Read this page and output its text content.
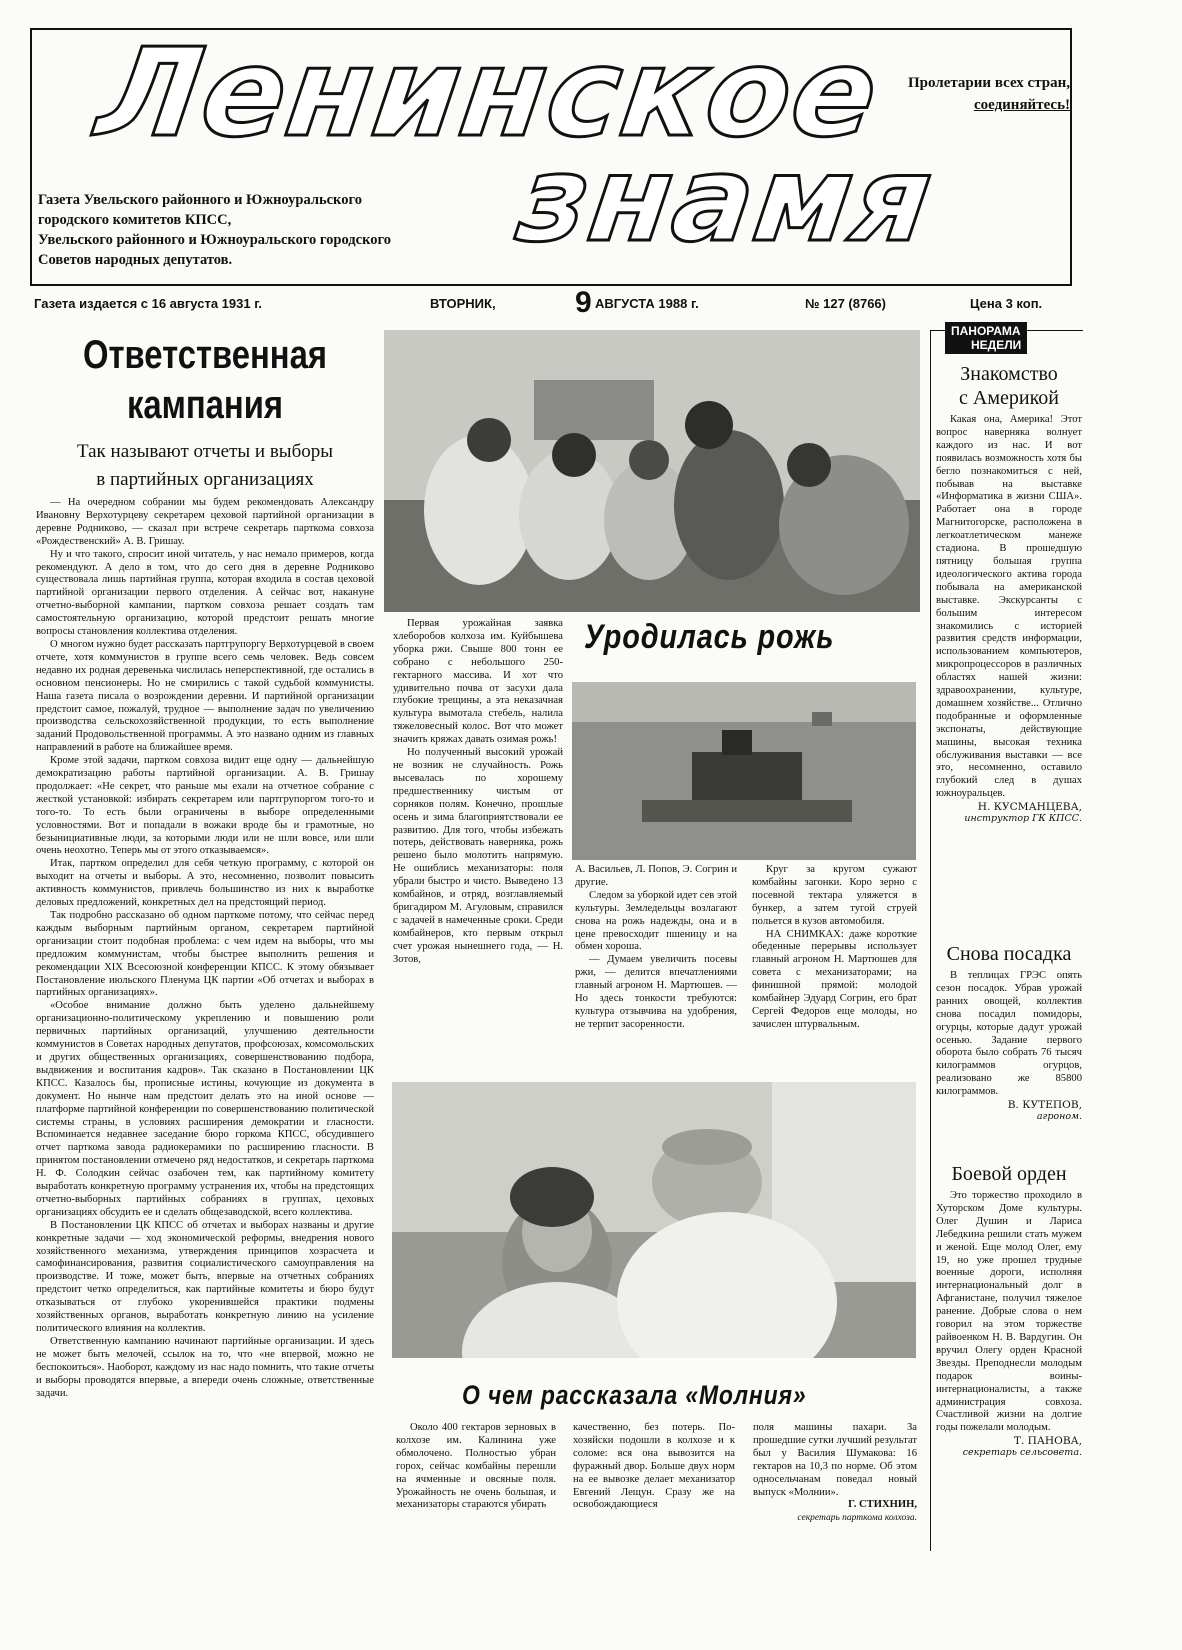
Ленинское
знамя
Пролетарии всех стран,
соединяйтесь!
Газета Увельского районного и Южноуральского
городского комитетов КПСС,
Увельского районного и Южноуральского городского
Советов народных депутатов.
Газета издается с 16 августа 1931 г.	ВТОРНИК,	9 АВГУСТА 1988 г.	№ 127 (8766)	Цена 3 коп.
Ответственная
кампания
Так называют отчеты и выборы
в партийных организациях

— На очередном собрании мы будем рекомендовать Александру Ивановну Верхотурцеву секретарем цеховой партийной организации в деревне Родниково, — сказал при встрече секретарь парткома совхоза «Рождественский» А. В. Гришау.

Ну и что такого, спросит иной читатель, у нас немало примеров, когда рекомендуют. А дело в том, что до сего дня в деревне Родниково существовала лишь партийная группа, которая входила в состав цеховой партийной организации первого отделения. А сейчас вот, накануне отчетно-выборной кампании, партком совхоза решает создать там самостоятельную организацию, которой предстоит решать многие вопросы становления коллектива отделения.

О многом нужно будет рассказать партгрупоргу Верхотурцевой в своем отчете, хотя коммунистов в группе всего семь человек. Ведь совсем недавно их родная деревенька числилась неперспективной, где остались в основном пенсионеры. Но не смирились с такой судьбой коммунисты. Наша газета писала о возрождении деревни. И партийной организации предстоит самое, пожалуй, трудное — выполнение задач по увеличению производства сельскохозяйственной продукции, то есть выполнение заданий Продовольственной программы. А это названо одним из главных направлений в работе на ближайшее время.

Кроме этой задачи, партком совхоза видит еще одну — дальнейшую демократизацию работы партийной организации. А. В. Гришау продолжает: «Не секрет, что раньше мы ехали на отчетное собрание с жесткой установкой: избирать секретарем или партгрупоргом того-то и того-то. То есть были ограничены в выборе определенными условностями. Вот и попадали в вожаки вроде бы и грамотные, но безынициативные люди, за которыми люди или не шли вовсе, или шли очень неохотно. Теперь мы от этого отказываемся».

Итак, партком определил для себя четкую программу, с которой он выходит на отчеты и выборы. А это, несомненно, позволит повысить активность коммунистов, привлечь большинство из них к выработке деловых предложений, конкретных дел на предстоящий период.

Так подробно рассказано об одном парткоме потому, что сейчас перед каждым выборным партийным органом, секретарем партийной организации стоит подобная проблема: с чем идем на выборы, что мы предложим коммунистам, чтобы быстрее выполнить решения и рекомендации XIX Всесоюзной конференции КПСС. К этому обязывает Постановление июльского Пленума ЦК партии «Об отчетах и выборах в партийных организациях».

«Особое внимание должно быть уделено дальнейшему организационно-политическому укреплению и повышению роли первичных партийных организаций, улучшению деятельности коммунистов в Советах народных депутатов, профсоюзах, комсомольских и других общественных организациях, совершенствованию подбора, выдвижения и воспитания кадров». Так сказано в Постановлении ЦК КПСС. Казалось бы, прописные истины, кочующие из документа в документ. Но нынче нам предстоит делать это на иной основе — платформе партийной конференции по совершенствованию политической системы страны, в условиях расширения демократии и гласности. Вспоминается недавнее заседание бюро горкома КПСС, обсудившего отчет парткома завода радиокерамики по расширению гласности. В принятом постановлении отмечено ряд недостатков, и секретарь парткома Н. Ф. Солодкин сейчас озабочен тем, как партийному комитету выработать конкретную программу устранения их, чтобы на предстоящих отчетно-выборных партийных собраниях в группах, цеховых организациях обсудить ее и сделать общезаводской, всего коллектива.

В Постановлении ЦК КПСС об отчетах и выборах названы и другие конкретные задачи — ход экономической реформы, внедрения нового хозяйственного механизма, утверждения принципов хозрасчета и самофинансирования, развития социалистического самоуправления на производстве. И тоже, может быть, впервые на отчетных собраниях предстоит четко определиться, как партийные комитеты и бюро будут отказываться от глубоко укоренившейся практики подмены хозяйственных органов, выработать конкретную линию на усиление политического влияния на коллектив.

Ответственную кампанию начинают партийные организации. И здесь не может быть мелочей, ссылок на то, что «не впервой, можно не беспокоиться». Наоборот, каждому из нас надо помнить, что такие отчеты и выборы проводятся впервые, а впереди очень сложные, ответственные задачи.

Уродилась рожь

Первая урожайная заявка хлеборобов колхоза им. Куйбышева уборка ржи. Свыше 800 тонн ее собрано с небольшого 250-гектарного массива. И хот что удивительно почва от засухи дала глубокие трещины, а эта неказачная культура вымотала стебель, налила тяжеловесный колос. Вот что может значить кряжах давать озимая рожь!

Но полученный высокий урожай не возник не случайность. Рожь высевалась по хорошему предшественнику чистым от сорняков полям. Конечно, прошлые осень и зима благоприятствовали ее развитию. Для того, чтобы избежать потерь, действовать наверняка, рожь решено было молотить напрямую. Не ошиблись механизаторы: поля убрали быстро и чисто. Выведено 13 комбайнов, и отряд, возглавляемый бригадиром М. Агуловым, справился с задачей в намеченные сроки. Среди комбайнеров, кто первым открыл счет урожая нынешнего года, — Н. Зотов,

А. Васильев, Л. Попов, Э. Согрин и другие.

Следом за уборкой идет сев этой культуры. Земледельцы возлагают снова на рожь надежды, она и в цене превосходит пшеницу и на обмен хороша.

— Думаем увеличить посевы ржи, — делится впечатлениями главный агроном Н. Мартюшев. — Но здесь тонкости требуются: культура отзывчива на удобрения, не терпит засоренности.

Круг за кругом сужают комбайны загонки. Коро зерно с посевной тектара уляжется в бункер, а затем тугой струей польется в кузов автомобиля.

НА СНИМКАХ: даже короткие обеденные перерывы использует главный агроном Н. Мартюшев для совета с механизаторами; на финишной прямой: молодой комбайнер Эдуард Согрин, его брат Сергей Федоров еще молоды, но зачислен штурвальным.

О чем рассказала «Молния»

Около 400 гектаров зерновых в колхозе им. Калинина уже обмолочено. Полностью убран горох, сейчас комбайны перешли на ячменные и овсяные поля. Урожайность не очень большая, и механизаторы стараются убирать

качественно, без потерь. По-хозяйски подошли в колхозе и к соломе: вся она вывозится на фуражный двор. Больше двух норм на ее вывозке делает механизатор Евгений Лещун. Сразу же на освобождающиеся

поля машины пахари. За прошедшие сутки лучший результат был у Василия Шумакова: 16 гектаров на 10,3 по норме. Об этом односельчанам поведал новый выпуск «Молнии».

Г. СТИХНИН,
секретарь парткома колхоза.
ПАНОРАМА
НЕДЕЛИ
Знакомство
с Америкой

Какая она, Америка! Этот вопрос наверняка волнует каждого из нас. И вот появилась возможность хотя бы бегло познакомиться с ней, побывав на выставке «Информатика в жизни США». Работает она в городе Магнитогорске, расположена в легкоатлетическом манеже стадиона. В прошедшую пятницу большая группа идеологического актива города побывала на американской выставке. Экскурсанты с большим интересом знакомились с историей развития средств информации, использованием компьютеров, микропроцессоров в различных областях нашей жизни: здравоохранении, культуре, домашнем хозяйстве... Отлично подобранные и оформленные экспонаты, действующие машины, высокая техника обслуживания выставки — все это, несомненно, оставило глубокий след в душах южноуральцев.

Н. КУСМАНЦЕВА,
инструктор ГК КПСС.
Снова посадка

В теплицах ГРЭС опять сезон посадок. Убрав урожай ранних овощей, коллектив снова посадил помидоры, огурцы, которые дадут урожай осенью. Задание первого оборота было собрать 76 тысяч килограммов огурцов, реализовано же 85800 килограммов.

В. КУТЕПОВ,
агроном.
Боевой орден

Это торжество проходило в Хуторском Доме культуры. Олег Душин и Лариса Лебедкина решили стать мужем и женой. Еще молод Олег, ему 19, но уже прошел трудные военные дороги, исполняя интернациональный долг в Афганистане, получил тяжелое ранение. Добрые слова о нем говорил на этом торжестве райвоенком Н. В. Вардугин. Он вручил Олегу орден Красной Звезды. Преподнесли молодым подарок воины-интернационалисты, а также администрация совхоза. Счастливой жизни на долгие годы пожелали молодым.

Т. ПАНОВА,
секретарь сельсовета.
